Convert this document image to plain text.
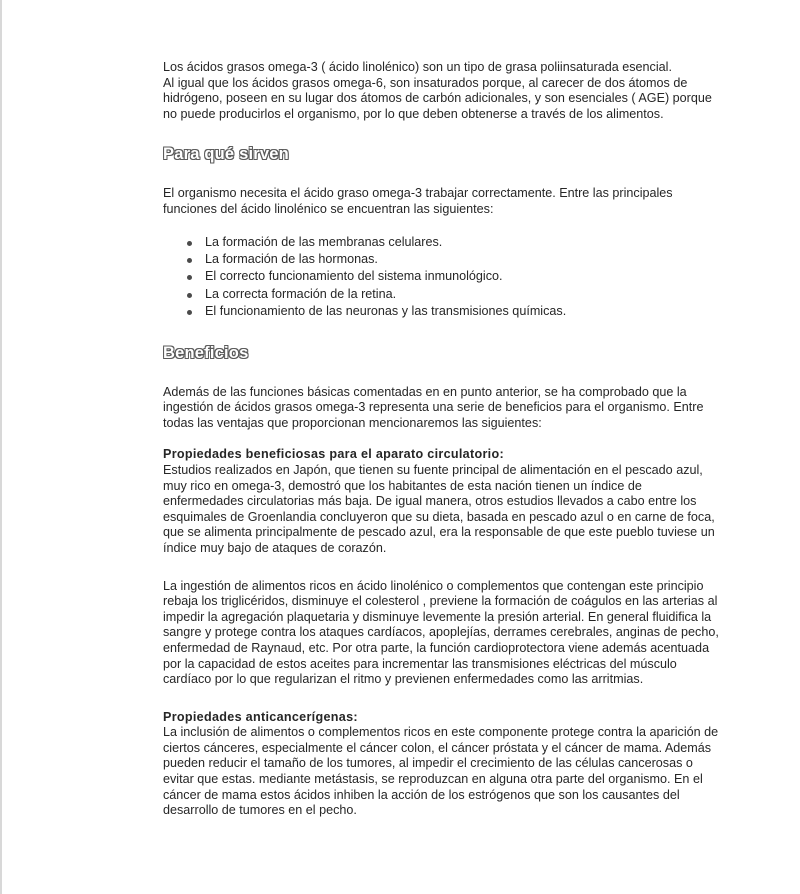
Los ácidos grasos omega-3 ( ácido linolénico) son un tipo de grasa poliinsaturada esencial.

Al igual que los ácidos grasos omega-6, son insaturados porque, al carecer de dos átomos de hidrógeno, poseen en su lugar dos átomos de carbón adicionales, y son esenciales ( AGE) porque no puede producirlos el organismo, por lo que deben obtenerse a través de los alimentos.

Para qué sirven

El organismo necesita el ácido graso omega-3 trabajar correctamente. Entre las principales funciones del ácido linolénico se encuentran las siguientes:

La formación de las membranas celulares.
La formación de las hormonas.
El correcto funcionamiento del sistema inmunológico.
La correcta formación de la retina.
El funcionamiento de las neuronas y las transmisiones químicas.
Beneficios

Además de las funciones básicas comentadas en en punto anterior, se ha comprobado que la ingestión de ácidos grasos omega-3 representa una serie de beneficios para el organismo. Entre todas las ventajas que proporcionan mencionaremos las siguientes:

Propiedades beneficiosas para el aparato circulatorio:

Estudios realizados en Japón, que tienen su fuente principal de alimentación en el pescado azul, muy rico en omega-3, demostró que los habitantes de esta nación tienen un índice de enfermedades circulatorias más baja. De igual manera, otros estudios llevados a cabo entre los esquimales de Groenlandia concluyeron que su dieta, basada en pescado azul o en carne de foca, que se alimenta principalmente de pescado azul, era la responsable de que este pueblo tuviese un índice muy bajo de ataques de corazón.

La ingestión de alimentos ricos en ácido linolénico o complementos que contengan este principio rebaja los triglicéridos, disminuye el colesterol , previene la formación de coágulos en las arterias al impedir la agregación plaquetaria y disminuye levemente la presión arterial. En general fluidifica la sangre y protege contra los ataques cardíacos, apoplejías, derrames cerebrales, anginas de pecho, enfermedad de Raynaud, etc. Por otra parte, la función cardioprotectora viene además acentuada por la capacidad de estos aceites para incrementar las transmisiones eléctricas del músculo cardíaco por lo que regularizan el ritmo y previenen enfermedades como las arritmias.

Propiedades anticancerígenas:

La inclusión de alimentos o complementos ricos en este componente protege contra la aparición de ciertos cánceres, especialmente el cáncer colon, el cáncer próstata y el cáncer de mama. Además pueden reducir el tamaño de los tumores, al impedir el crecimiento de las células cancerosas o evitar que estas. mediante metástasis, se reproduzcan en alguna otra parte del organismo. En el cáncer de mama estos ácidos inhiben la acción de los estrógenos que son los causantes del desarrollo de tumores en el pecho.
